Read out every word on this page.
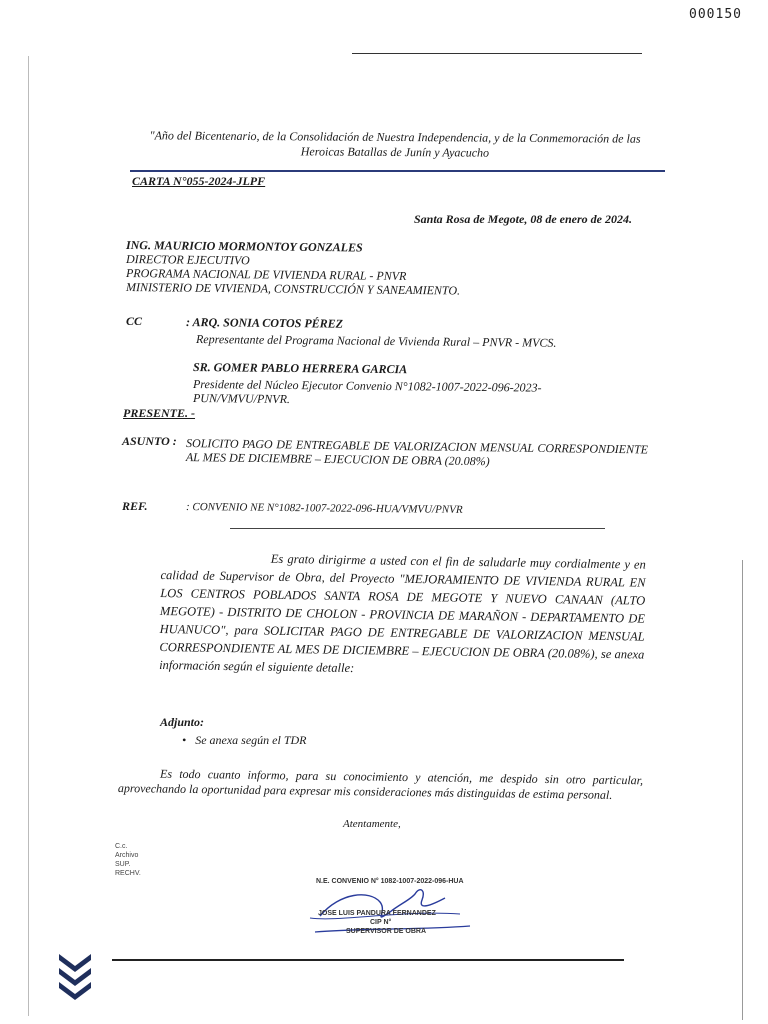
000150
"Año del Bicentenario, de la Consolidación de Nuestra Independencia, y de la Conmemoración de las Heroicas Batallas de Junín y Ayacucho
CARTA N°055-2024-JLPF
Santa Rosa de Megote, 08 de enero de 2024.
ING. MAURICIO MORMONTOY GONZALES
DIRECTOR EJECUTIVO
PROGRAMA NACIONAL DE VIVIENDA RURAL - PNVR
MINISTERIO DE VIVIENDA, CONSTRUCCIÓN Y SANEAMIENTO.
CC	: ARQ. SONIA COTOS PÉREZ
Representante del Programa Nacional de Vivienda Rural – PNVR - MVCS.
SR. GOMER PABLO HERRERA GARCIA
Presidente del Núcleo Ejecutor Convenio N°1082-1007-2022-096-2023-
PUN/VMVU/PNVR.
PRESENTE. -
ASUNTO : SOLICITO PAGO DE ENTREGABLE DE VALORIZACION MENSUAL CORRESPONDIENTE AL MES DE DICIEMBRE – EJECUCION DE OBRA (20.08%)
REF.	: CONVENIO NE N°1082-1007-2022-096-HUA/VMVU/PNVR
Es grato dirigirme a usted con el fin de saludarle muy cordialmente y en calidad de Supervisor de Obra, del Proyecto "MEJORAMIENTO DE VIVIENDA RURAL EN LOS CENTROS POBLADOS SANTA ROSA DE MEGOTE Y NUEVO CANAAN (ALTO MEGOTE) - DISTRITO DE CHOLON - PROVINCIA DE MARAÑON - DEPARTAMENTO DE HUANUCO", para SOLICITAR PAGO DE ENTREGABLE DE VALORIZACION MENSUAL CORRESPONDIENTE AL MES DE DICIEMBRE – EJECUCION DE OBRA (20.08%), se anexa información según el siguiente detalle:
Adjunto:
•   Se anexa según el TDR
Es todo cuanto informo, para su conocimiento y atención, me despido sin otro particular, aprovechando la oportunidad para expresar mis consideraciones más distinguidas de estima personal.
Atentamente,
C.c.
Archivo
SUP.
RECHV.
N.E. CONVENIO N° 1082-1007-2022-096-HUA
JOSE LUIS PANDURA FERNANDEZ
CIP N°
SUPERVISOR DE OBRA
